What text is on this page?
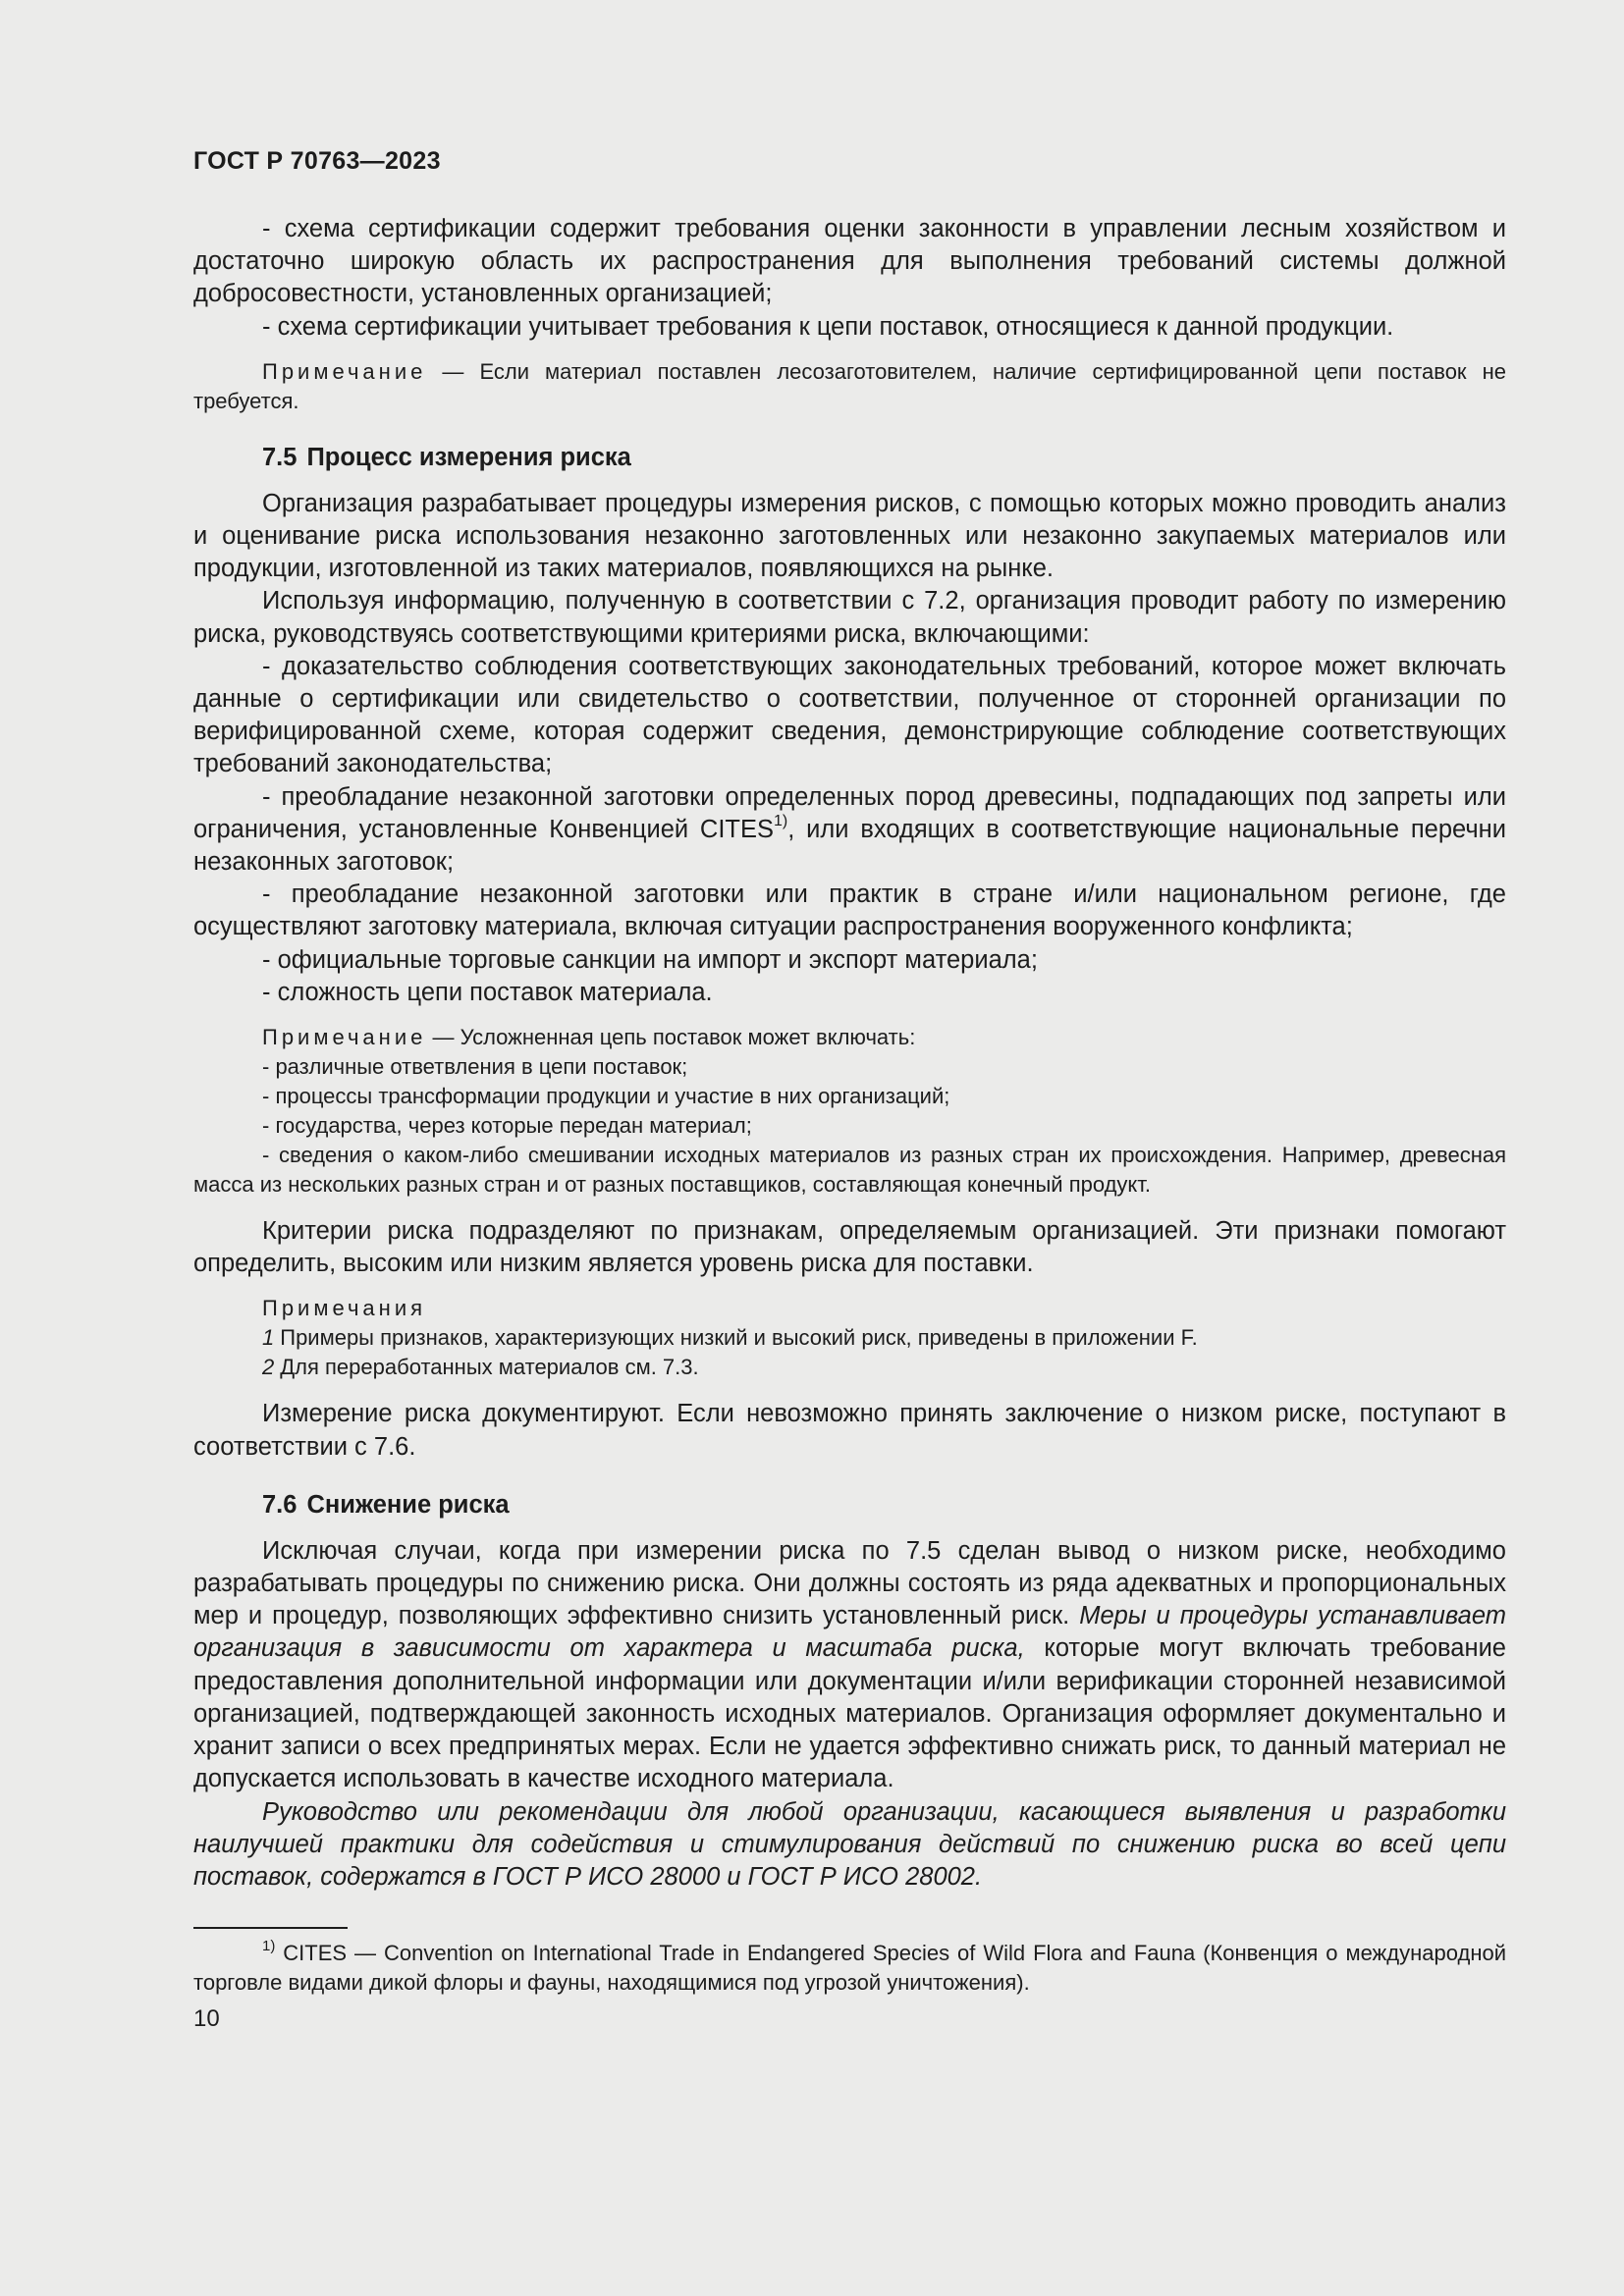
ГОСТ Р 70763—2023

- схема сертификации содержит требования оценки законности в управлении лесным хозяйством и достаточно широкую область их распространения для выполнения требований системы должной добросовестности, установленных организацией;

- схема сертификации учитывает требования к цепи поставок, относящиеся к данной продукции.

Примечание — Если материал поставлен лесозаготовителем, наличие сертифицированной цепи поставок не требуется.

7.5 Процесс измерения риска

Организация разрабатывает процедуры измерения рисков, с помощью которых можно проводить анализ и оценивание риска использования незаконно заготовленных или незаконно закупаемых материалов или продукции, изготовленной из таких материалов, появляющихся на рынке.

Используя информацию, полученную в соответствии с 7.2, организация проводит работу по измерению риска, руководствуясь соответствующими критериями риска, включающими:

- доказательство соблюдения соответствующих законодательных требований, которое может включать данные о сертификации или свидетельство о соответствии, полученное от сторонней организации по верифицированной схеме, которая содержит сведения, демонстрирующие соблюдение соответствующих требований законодательства;

- преобладание незаконной заготовки определенных пород древесины, подпадающих под запреты или ограничения, установленные Конвенцией CITES$^{1)}$, или входящих в соответствующие национальные перечни незаконных заготовок;

- преобладание незаконной заготовки или практик в стране и/или национальном регионе, где осуществляют заготовку материала, включая ситуации распространения вооруженного конфликта;

- официальные торговые санкции на импорт и экспорт материала;

- сложность цепи поставок материала.

Примечание — Усложненная цепь поставок может включать:

- различные ответвления в цепи поставок;

- процессы трансформации продукции и участие в них организаций;

- государства, через которые передан материал;

- сведения о каком-либо смешивании исходных материалов из разных стран их происхождения. Например, древесная масса из нескольких разных стран и от разных поставщиков, составляющая конечный продукт.

Критерии риска подразделяют по признакам, определяемым организацией. Эти признаки помогают определить, высоким или низким является уровень риска для поставки.

Примечания

1 Примеры признаков, характеризующих низкий и высокий риск, приведены в приложении F.

2 Для переработанных материалов см. 7.3.

Измерение риска документируют. Если невозможно принять заключение о низком риске, поступают в соответствии с 7.6.

7.6 Снижение риска

Исключая случаи, когда при измерении риска по 7.5 сделан вывод о низком риске, необходимо разрабатывать процедуры по снижению риска. Они должны состоять из ряда адекватных и пропорциональных мер и процедур, позволяющих эффективно снизить установленный риск. Меры и процедуры устанавливает организация в зависимости от характера и масштаба риска, которые могут включать требование предоставления дополнительной информации или документации и/или верификации сторонней независимой организацией, подтверждающей законность исходных материалов. Организация оформляет документально и хранит записи о всех предпринятых мерах. Если не удается эффективно снижать риск, то данный материал не допускается использовать в качестве исходного материала.

Руководство или рекомендации для любой организации, касающиеся выявления и разработки наилучшей практики для содействия и стимулирования действий по снижению риска во всей цепи поставок, содержатся в ГОСТ Р ИСО 28000 и ГОСТ Р ИСО 28002.

$^{1)}$ CITES — Convention on International Trade in Endangered Species of Wild Flora and Fauna (Конвенция о международной торговле видами дикой флоры и фауны, находящимися под угрозой уничтожения).

10
